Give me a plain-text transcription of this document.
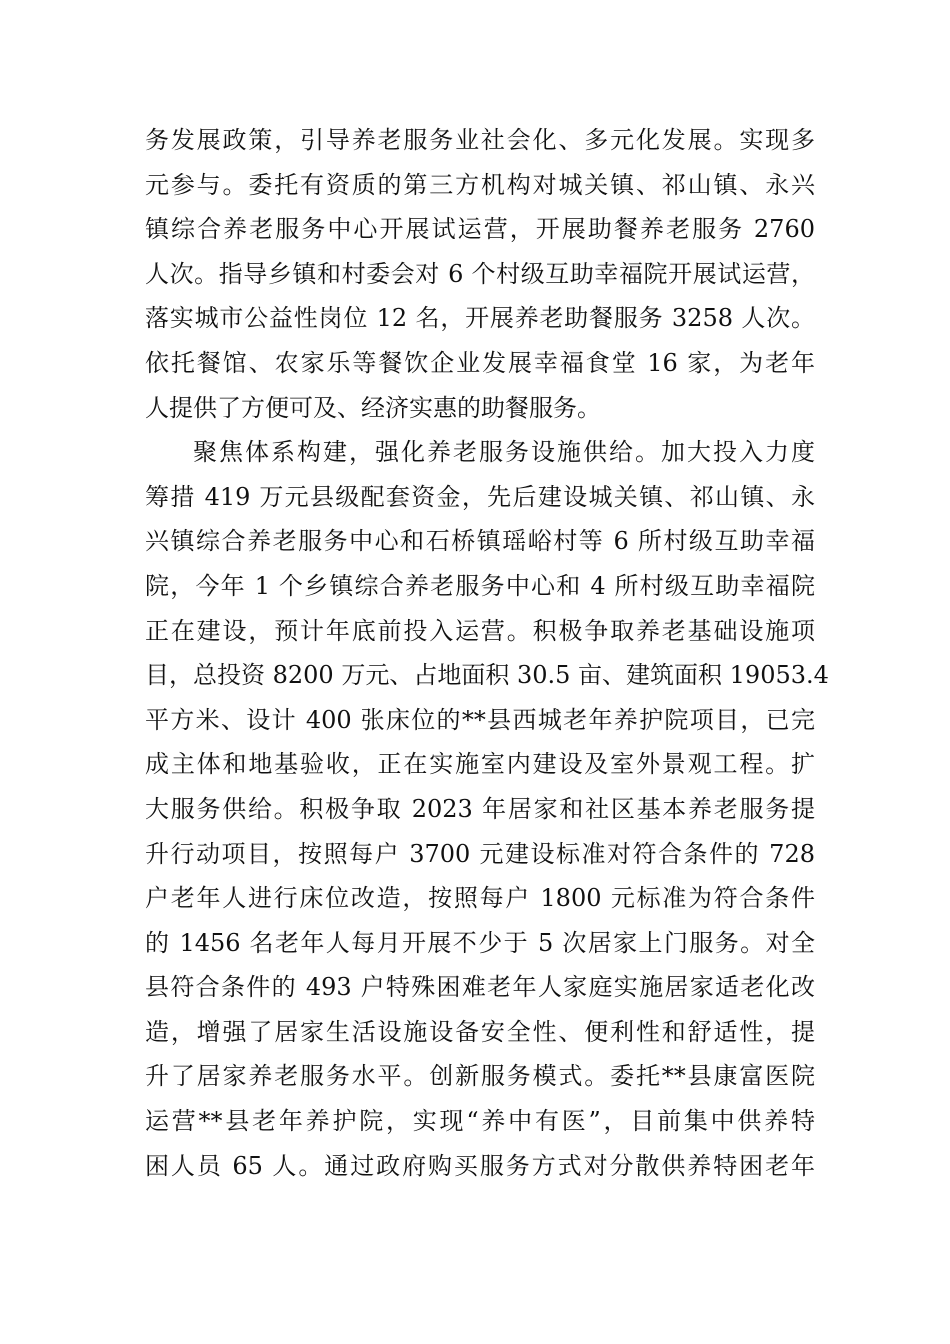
务发展政策，引导养老服务业社会化、多元化发展。实现多
元参与。委托有资质的第三方机构对城关镇、祁山镇、永兴
镇综合养老服务中心开展试运营，开展助餐养老服务 2760
人次。指导乡镇和村委会对 6 个村级互助幸福院开展试运营，
落实城市公益性岗位 12 名，开展养老助餐服务 3258 人次。
依托餐馆、农家乐等餐饮企业发展幸福食堂 16 家，为老年
人提供了方便可及、经济实惠的助餐服务。
聚焦体系构建，强化养老服务设施供给。加大投入力度
筹措 419 万元县级配套资金，先后建设城关镇、祁山镇、永
兴镇综合养老服务中心和石桥镇瑶峪村等 6 所村级互助幸福
院，今年 1 个乡镇综合养老服务中心和 4 所村级互助幸福院
正在建设，预计年底前投入运营。积极争取养老基础设施项
目，总投资 8200 万元、占地面积 30.5 亩、建筑面积 19053.4
平方米、设计 400 张床位的**县西城老年养护院项目，已完
成主体和地基验收，正在实施室内建设及室外景观工程。扩
大服务供给。积极争取 2023 年居家和社区基本养老服务提
升行动项目，按照每户 3700 元建设标准对符合条件的 728
户老年人进行床位改造，按照每户 1800 元标准为符合条件
的 1456 名老年人每月开展不少于 5 次居家上门服务。对全
县符合条件的 493 户特殊困难老年人家庭实施居家适老化改
造，增强了居家生活设施设备安全性、便利性和舒适性，提
升了居家养老服务水平。创新服务模式。委托**县康富医院
运营**县老年养护院，实现“养中有医”，目前集中供养特
困人员 65 人。通过政府购买服务方式对分散供养特困老年
